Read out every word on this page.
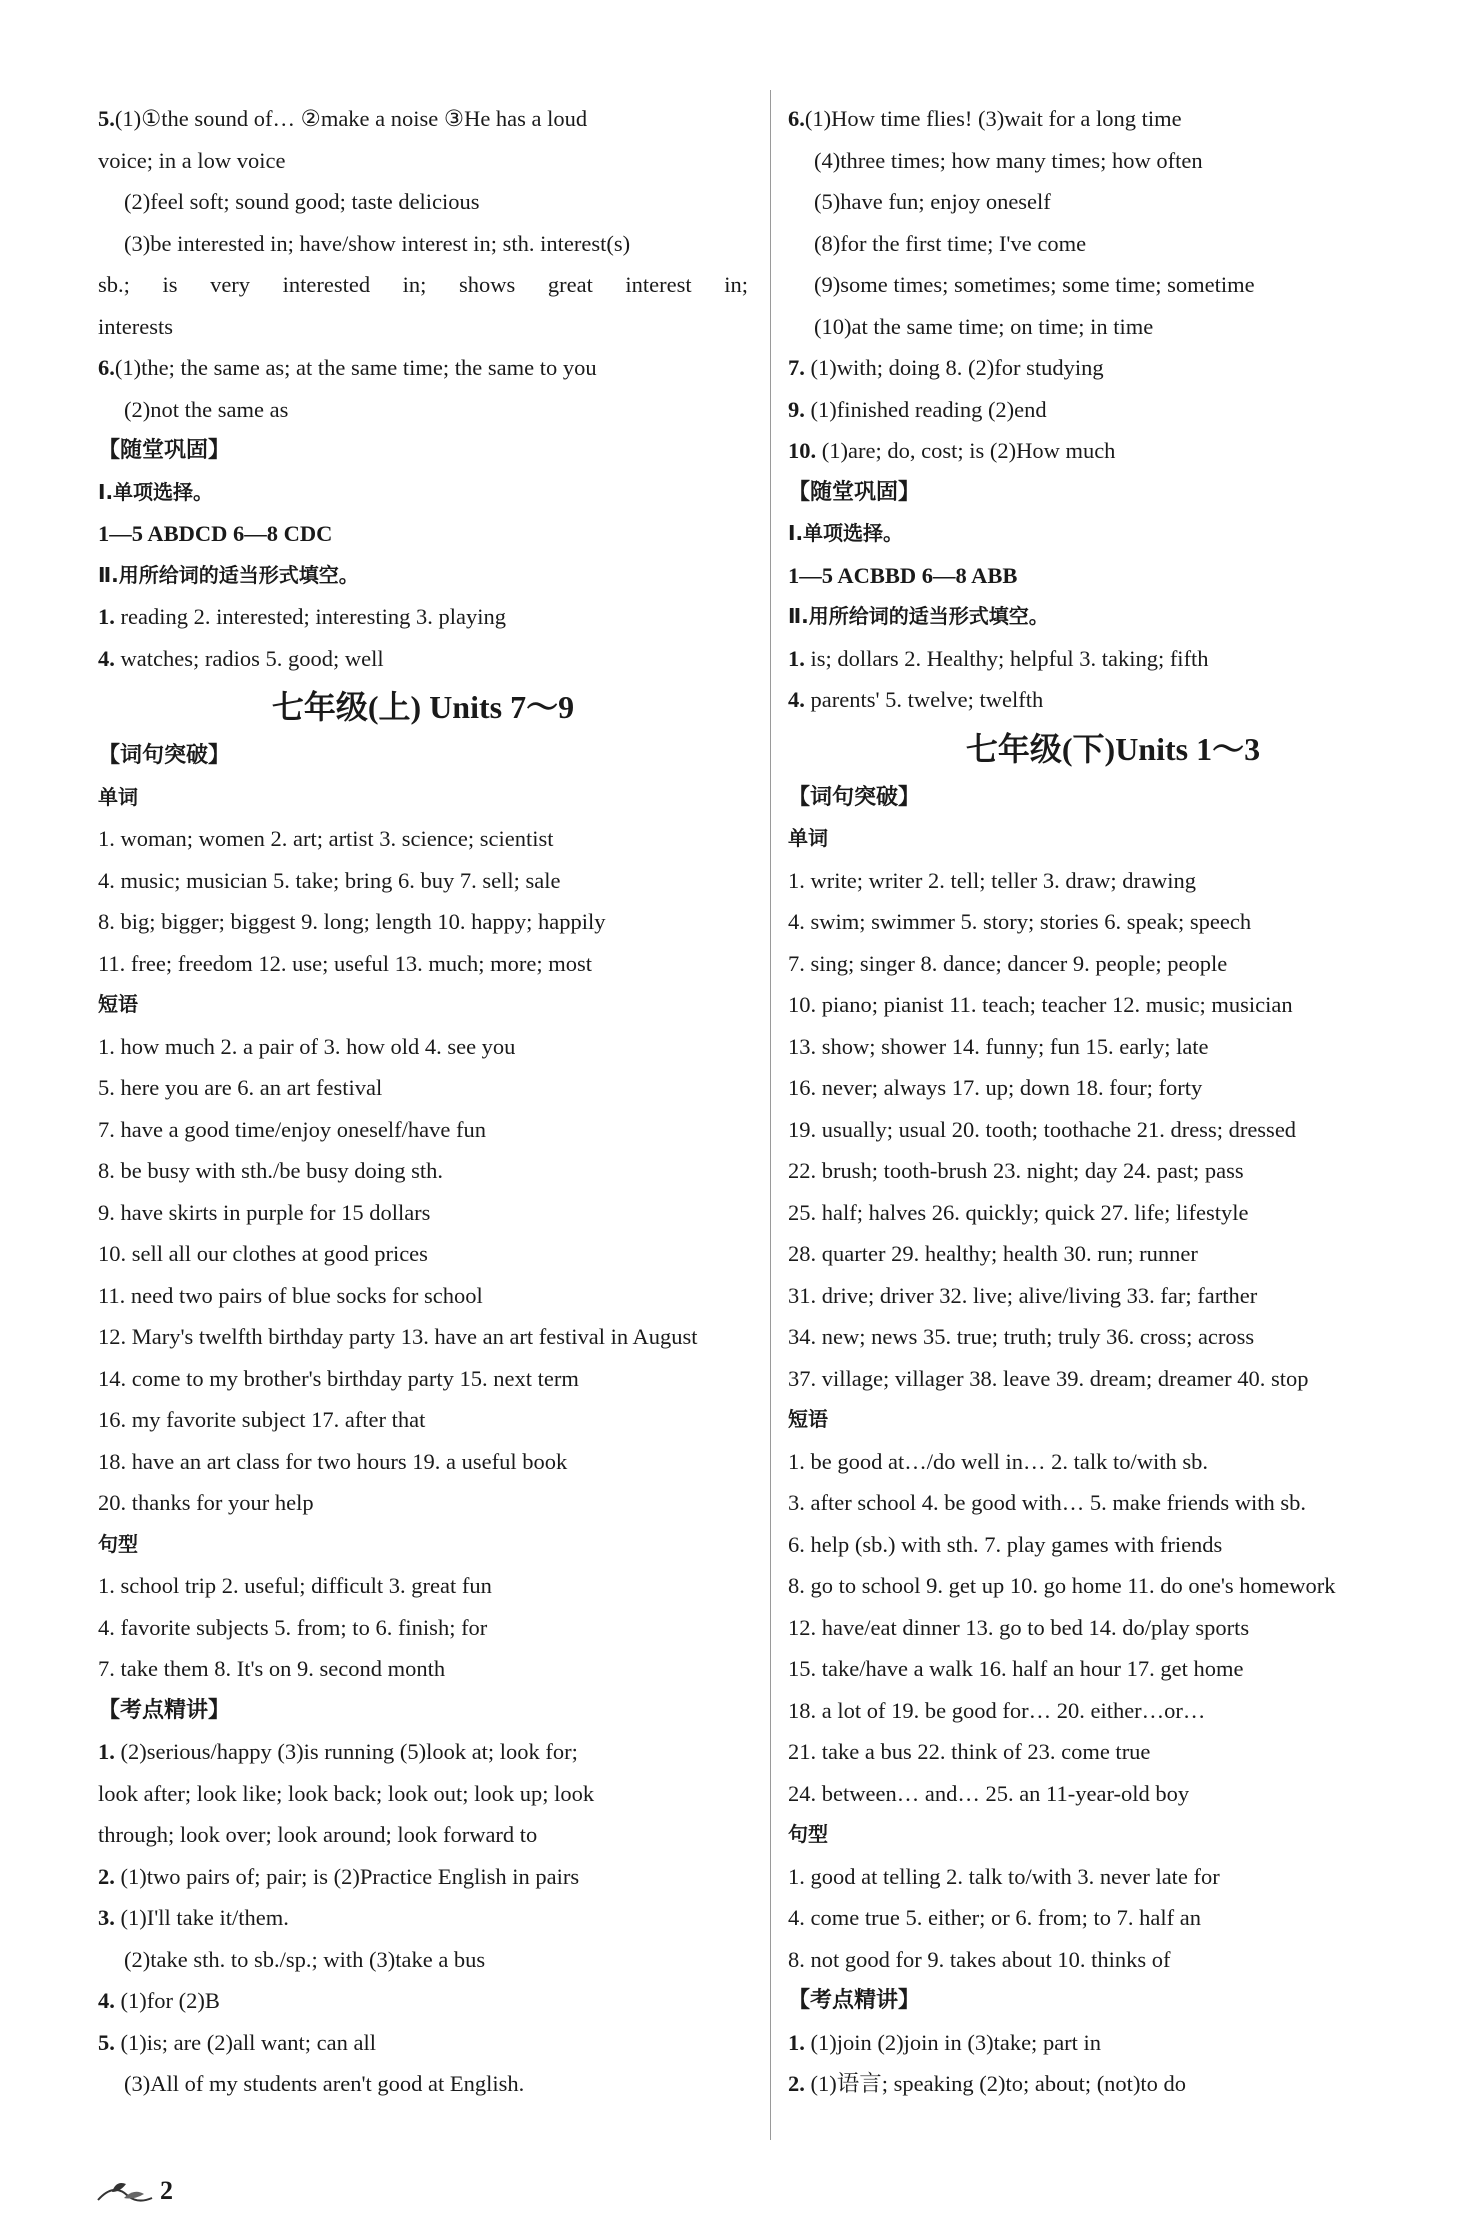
5.(1)①the sound of… ②make a noise ③He has a loud
voice; in a low voice
(2)feel soft; sound good; taste delicious
(3)be interested in; have/show interest in; sth. interest(s)
sb.; is very interested in; shows great interest in;
interests
6.(1)the; the same as; at the same time; the same to you
(2)not the same as
【随堂巩固】
Ⅰ.单项选择。
1—5 ABDCD 6—8 CDC
Ⅱ.用所给词的适当形式填空。
1. reading 2. interested; interesting 3. playing
4. watches; radios 5. good; well
七年级(上) Units 7～9
【词句突破】
单词
1. woman; women 2. art; artist 3. science; scientist
4. music; musician 5. take; bring 6. buy 7. sell; sale
8. big; bigger; biggest 9. long; length 10. happy; happily
11. free; freedom 12. use; useful 13. much; more; most
短语
1. how much 2. a pair of 3. how old 4. see you
5. here you are 6. an art festival
7. have a good time/enjoy oneself/have fun
8. be busy with sth./be busy doing sth.
9. have skirts in purple for 15 dollars
10. sell all our clothes at good prices
11. need two pairs of blue socks for school
12. Mary's twelfth birthday party 13. have an art festival in August
14. come to my brother's birthday party 15. next term
16. my favorite subject 17. after that
18. have an art class for two hours 19. a useful book
20. thanks for your help
句型
1. school trip 2. useful; difficult 3. great fun
4. favorite subjects 5. from; to 6. finish; for
7. take them 8. It's on 9. second month
【考点精讲】
1. (2)serious/happy (3)is running (5)look at; look for;
look after; look like; look back; look out; look up; look
through; look over; look around; look forward to
2. (1)two pairs of; pair; is (2)Practice English in pairs
3. (1)I'll take it/them.
(2)take sth. to sb./sp.; with (3)take a bus
4. (1)for (2)B
5. (1)is; are (2)all want; can all
(3)All of my students aren't good at English.
6.(1)How time flies! (3)wait for a long time
(4)three times; how many times; how often
(5)have fun; enjoy oneself
(8)for the first time; I've come
(9)some times; sometimes; some time; sometime
(10)at the same time; on time; in time
7. (1)with; doing 8. (2)for studying
9. (1)finished reading (2)end
10. (1)are; do, cost; is (2)How much
【随堂巩固】
Ⅰ.单项选择。
1—5 ACBBD 6—8 ABB
Ⅱ.用所给词的适当形式填空。
1. is; dollars 2. Healthy; helpful 3. taking; fifth
4. parents' 5. twelve; twelfth
七年级(下)Units 1～3
【词句突破】
单词
1. write; writer 2. tell; teller 3. draw; drawing
4. swim; swimmer 5. story; stories 6. speak; speech
7. sing; singer 8. dance; dancer 9. people; people
10. piano; pianist 11. teach; teacher 12. music; musician
13. show; shower 14. funny; fun 15. early; late
16. never; always 17. up; down 18. four; forty
19. usually; usual 20. tooth; toothache 21. dress; dressed
22. brush; tooth-brush 23. night; day 24. past; pass
25. half; halves 26. quickly; quick 27. life; lifestyle
28. quarter 29. healthy; health 30. run; runner
31. drive; driver 32. live; alive/living 33. far; farther
34. new; news 35. true; truth; truly 36. cross; across
37. village; villager 38. leave 39. dream; dreamer 40. stop
短语
1. be good at…/do well in… 2. talk to/with sb.
3. after school 4. be good with… 5. make friends with sb.
6. help (sb.) with sth. 7. play games with friends
8. go to school 9. get up 10. go home 11. do one's homework
12. have/eat dinner 13. go to bed 14. do/play sports
15. take/have a walk 16. half an hour 17. get home
18. a lot of 19. be good for… 20. either…or…
21. take a bus 22. think of 23. come true
24. between… and… 25. an 11-year-old boy
句型
1. good at telling 2. talk to/with 3. never late for
4. come true 5. either; or 6. from; to 7. half an
8. not good for 9. takes about 10. thinks of
【考点精讲】
1. (1)join (2)join in (3)take; part in
2. (1)语言; speaking (2)to; about; (not)to do
2
